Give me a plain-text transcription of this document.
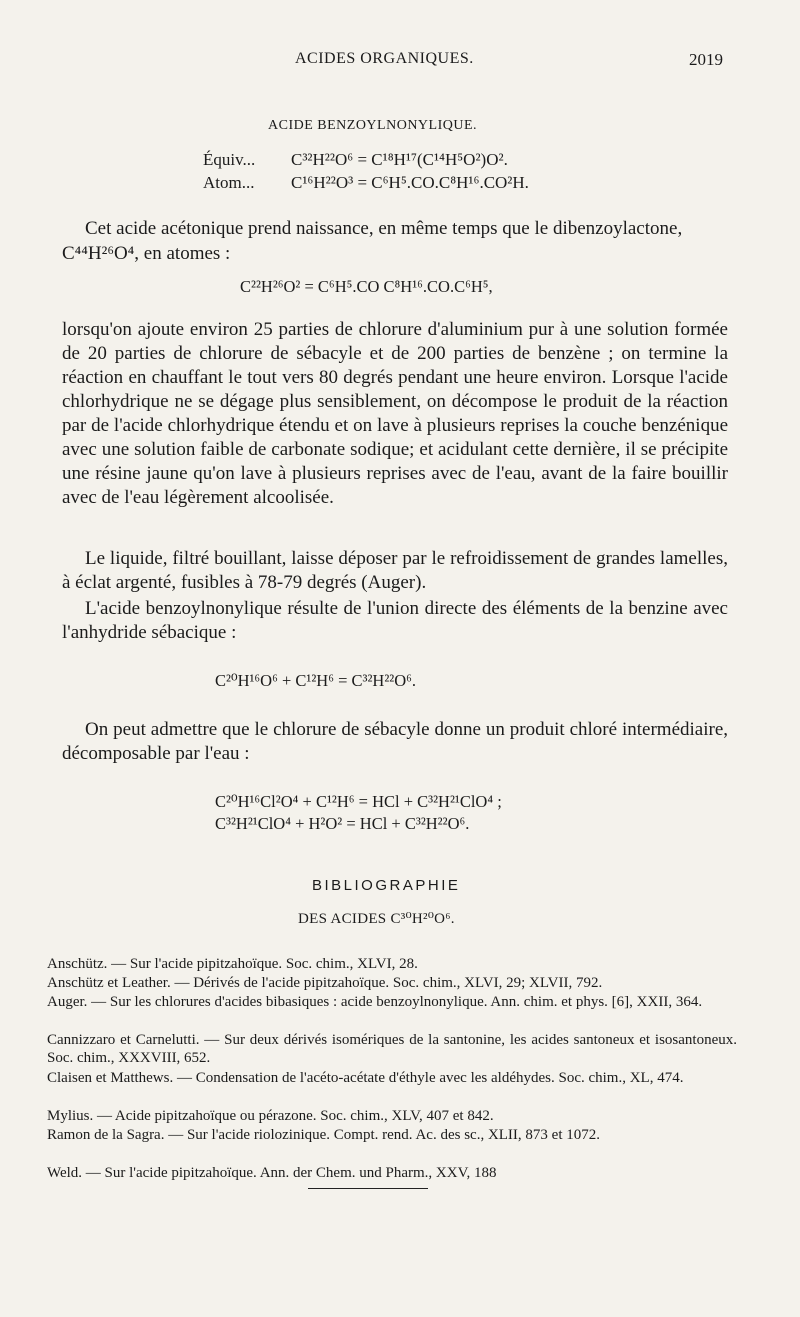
ACIDES ORGANIQUES.	2019
ACIDE BENZOYLNONYLIQUE.
Équiv... C³²H²²O⁶ = C¹⁸H¹⁷(C¹⁴H⁵O²)O².
Atom... C¹⁶H²²O³ = C⁶H⁵.CO.C⁸H¹⁶.CO²H.
Cet acide acétonique prend naissance, en même temps que le dibenzoylactone,
C⁴⁴H²⁶O⁴, en atomes :
C²²H²⁶O² = C⁶H⁵.CO C⁸H¹⁶.CO.C⁶H⁵,
lorsqu'on ajoute environ 25 parties de chlorure d'aluminium pur à une solution formée de 20 parties de chlorure de sébacyle et de 200 parties de benzène ; on termine la réaction en chauffant le tout vers 80 degrés pendant une heure environ. Lorsque l'acide chlorhydrique ne se dégage plus sensiblement, on décompose le produit de la réaction par de l'acide chlorhydrique étendu et on lave à plusieurs reprises la couche benzénique avec une solution faible de carbonate sodique; et acidulant cette dernière, il se précipite une résine jaune qu'on lave à plusieurs reprises avec de l'eau, avant de la faire bouillir avec de l'eau légèrement alcoolisée.
Le liquide, filtré bouillant, laisse déposer par le refroidissement de grandes lamelles, à éclat argenté, fusibles à 78-79 degrés (Auger).
L'acide benzoylnonylique résulte de l'union directe des éléments de la benzine avec l'anhydride sébacique :
C²⁰H¹⁶O⁶ + C¹²H⁶ = C³²H²²O⁶.
On peut admettre que le chlorure de sébacyle donne un produit chloré intermédiaire, décomposable par l'eau :
C²⁰H¹⁶Cl²O⁴ + C¹²H⁶ = HCl + C³²H²¹ClO⁴ ;
C³²H²¹ClO⁴ + H²O² = HCl + C³²H²²O⁶.
BIBLIOGRAPHIE
DES ACIDES C³⁰H²⁰O⁶.
Anschütz. — Sur l'acide pipitzahoïque. Soc. chim., XLVI, 28.
Anschütz et Leather. — Dérivés de l'acide pipitzahoïque. Soc. chim., XLVI, 29; XLVII, 792.
Auger. — Sur les chlorures d'acides bibasiques : acide benzoylnonylique. Ann. chim. et phys. [6], XXII, 364.
Cannizzaro et Carnelutti. — Sur deux dérivés isomériques de la santonine, les acides santoneux et isosantoneux. Soc. chim., XXXVIII, 652.
Claisen et Matthews. — Condensation de l'acéto-acétate d'éthyle avec les aldéhydes. Soc. chim., XL, 474.
Mylius. — Acide pipitzahoïque ou pérazone. Soc. chim., XLV, 407 et 842.
Ramon de la Sagra. — Sur l'acide riolozinique. Compt. rend. Ac. des sc., XLII, 873 et 1072.
Weld. — Sur l'acide pipitzahoïque. Ann. der Chem. und Pharm., XXV, 188
